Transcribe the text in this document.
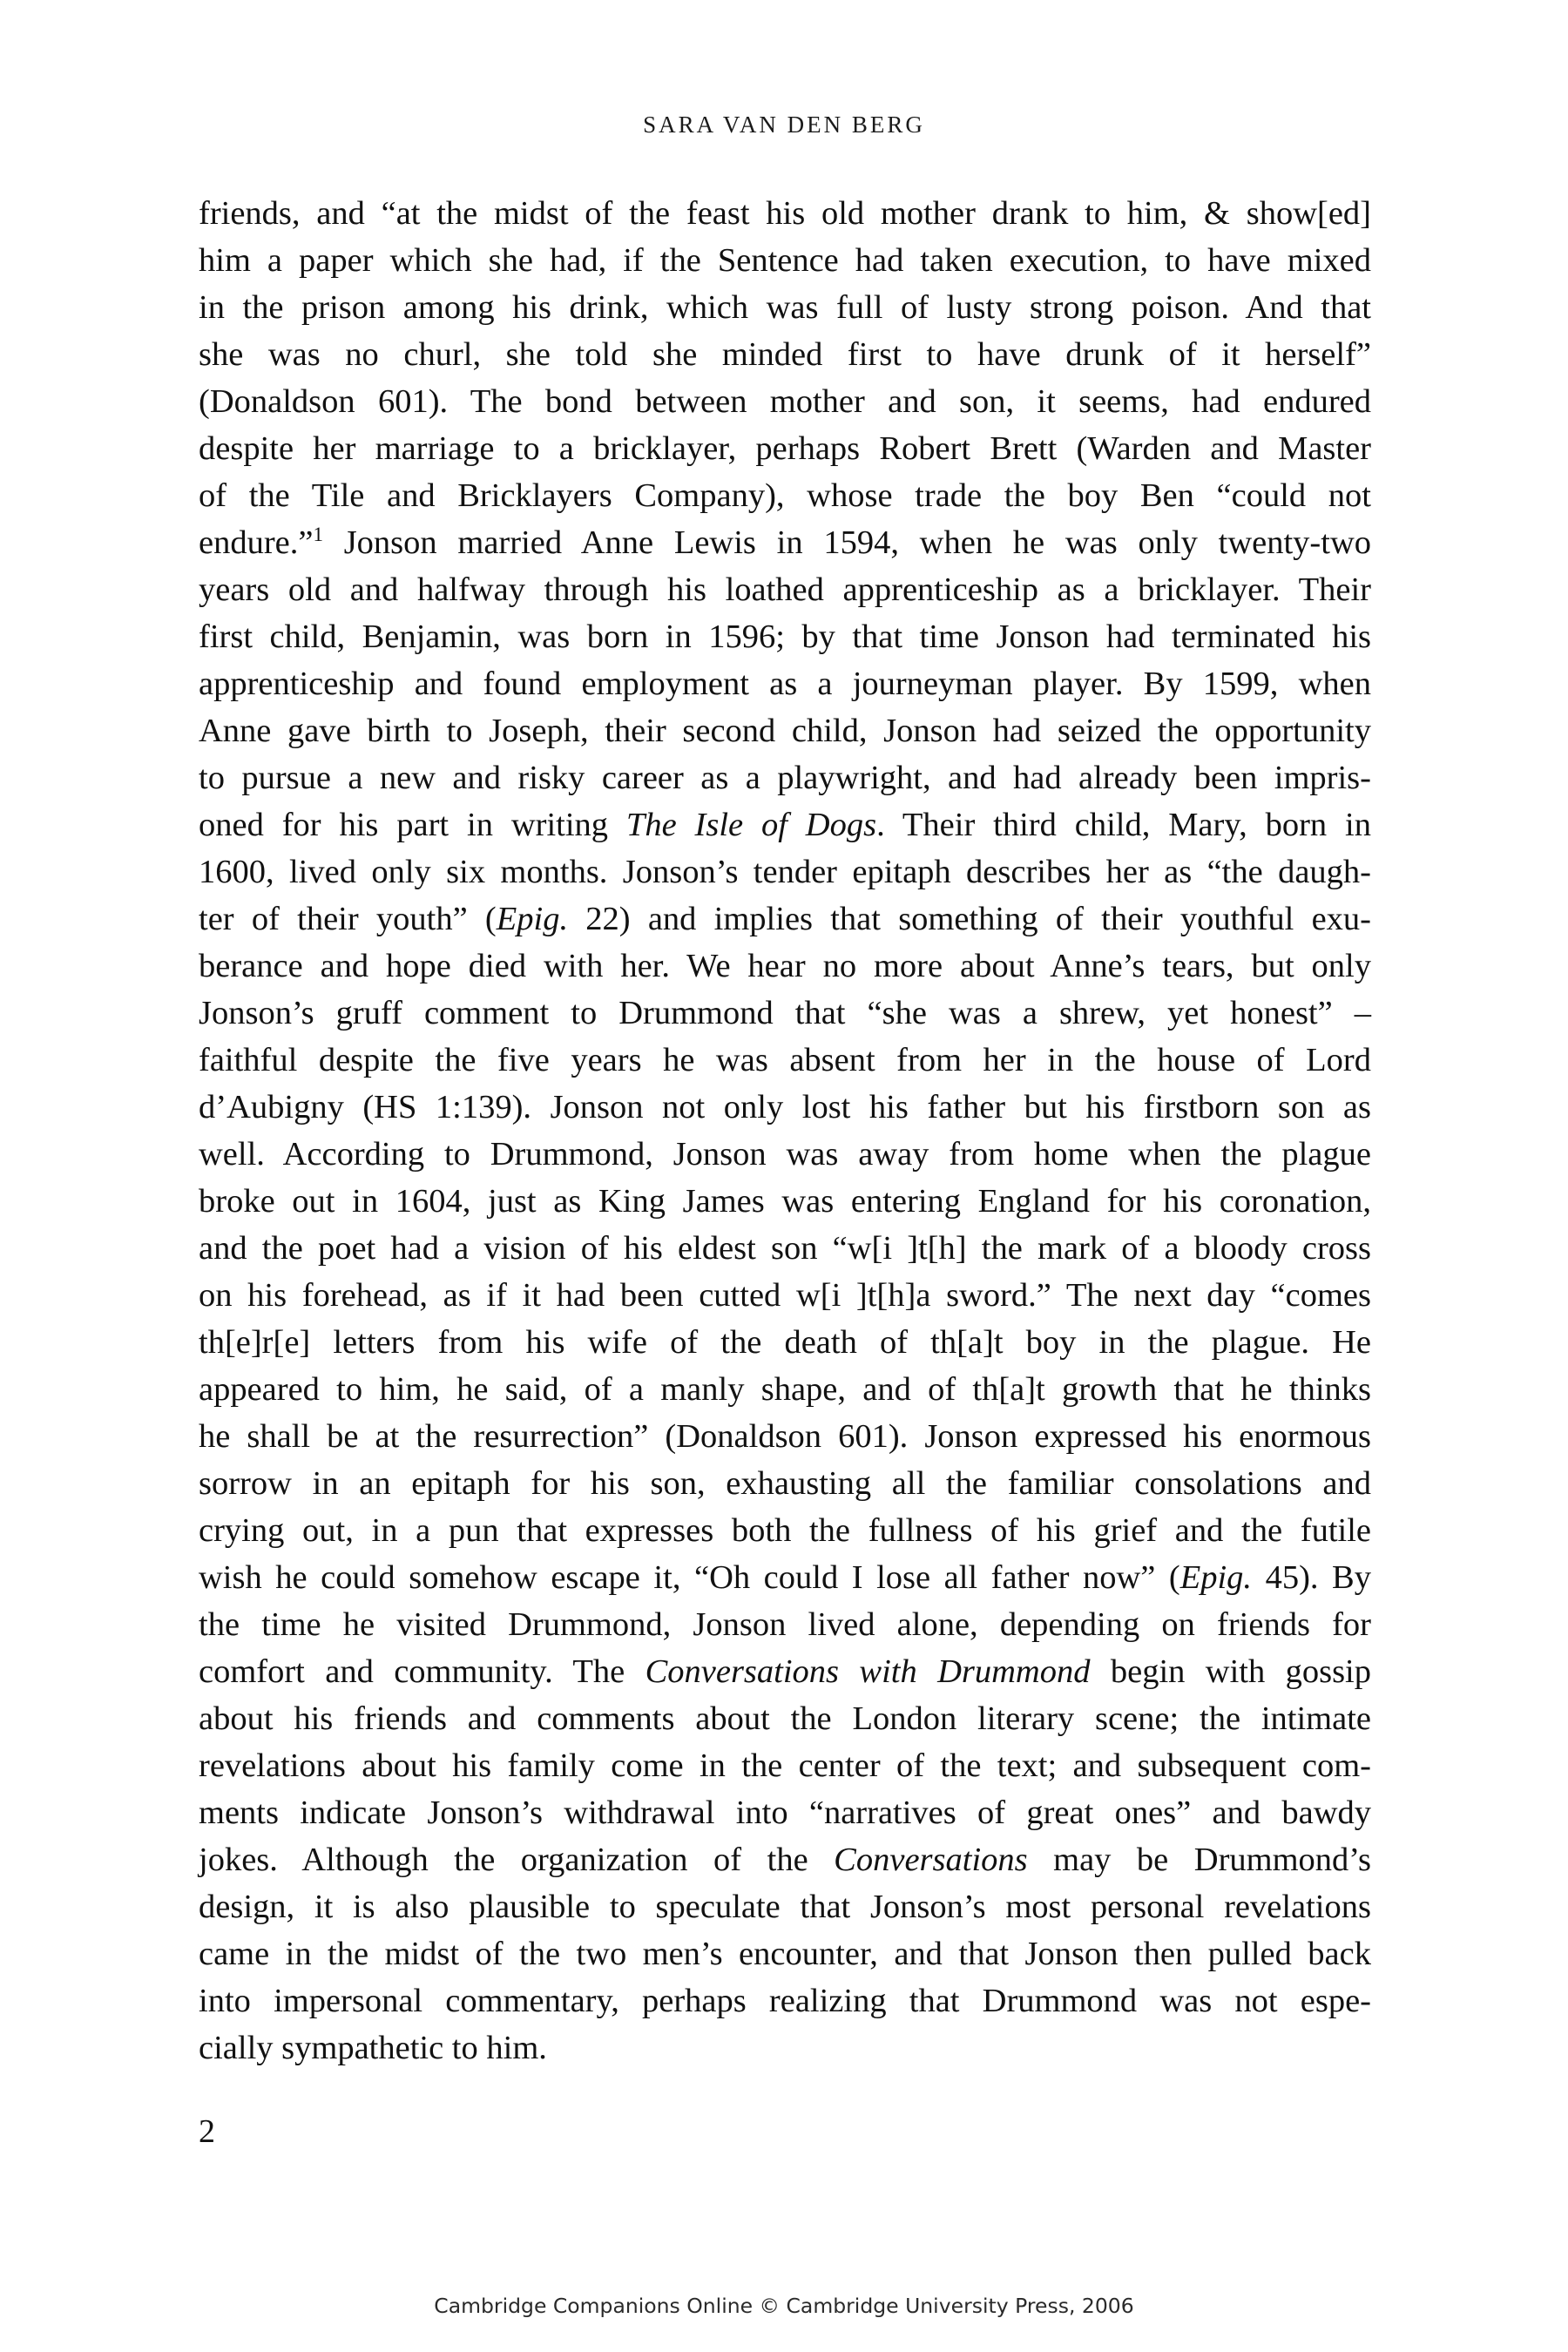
SARA VAN DEN BERG
friends, and “at the midst of the feast his old mother drank to him, & show[ed]
him a paper which she had, if the Sentence had taken execution, to have mixed
in the prison among his drink, which was full of lusty strong poison. And that
she was no churl, she told she minded first to have drunk of it herself”
(Donaldson 601). The bond between mother and son, it seems, had endured
despite her marriage to a bricklayer, perhaps Robert Brett (Warden and Master
of the Tile and Bricklayers Company), whose trade the boy Ben “could not
endure.”$^1$ Jonson married Anne Lewis in 1594, when he was only twenty-two
years old and halfway through his loathed apprenticeship as a bricklayer. Their
first child, Benjamin, was born in 1596; by that time Jonson had terminated his
apprenticeship and found employment as a journeyman player. By 1599, when
Anne gave birth to Joseph, their second child, Jonson had seized the opportunity
to pursue a new and risky career as a playwright, and had already been impris-
oned for his part in writing The Isle of Dogs. Their third child, Mary, born in
1600, lived only six months. Jonson’s tender epitaph describes her as “the daugh-
ter of their youth” (Epig. 22) and implies that something of their youthful exu-
berance and hope died with her. We hear no more about Anne’s tears, but only
Jonson’s gruff comment to Drummond that “she was a shrew, yet honest” –
faithful despite the five years he was absent from her in the house of Lord
d’Aubigny (HS 1:139). Jonson not only lost his father but his firstborn son as
well. According to Drummond, Jonson was away from home when the plague
broke out in 1604, just as King James was entering England for his coronation,
and the poet had a vision of his eldest son “w[i ]t[h] the mark of a bloody cross
on his forehead, as if it had been cutted w[i ]t[h]a sword.” The next day “comes
th[e]r[e] letters from his wife of the death of th[a]t boy in the plague. He
appeared to him, he said, of a manly shape, and of th[a]t growth that he thinks
he shall be at the resurrection” (Donaldson 601). Jonson expressed his enormous
sorrow in an epitaph for his son, exhausting all the familiar consolations and
crying out, in a pun that expresses both the fullness of his grief and the futile
wish he could somehow escape it, “Oh could I lose all father now” (Epig. 45). By
the time he visited Drummond, Jonson lived alone, depending on friends for
comfort and community. The Conversations with Drummond begin with gossip
about his friends and comments about the London literary scene; the intimate
revelations about his family come in the center of the text; and subsequent com-
ments indicate Jonson’s withdrawal into “narratives of great ones” and bawdy
jokes. Although the organization of the Conversations may be Drummond’s
design, it is also plausible to speculate that Jonson’s most personal revelations
came in the midst of the two men’s encounter, and that Jonson then pulled back
into impersonal commentary, perhaps realizing that Drummond was not espe-
cially sympathetic to him.
2
Cambridge Companions Online © Cambridge University Press, 2006
